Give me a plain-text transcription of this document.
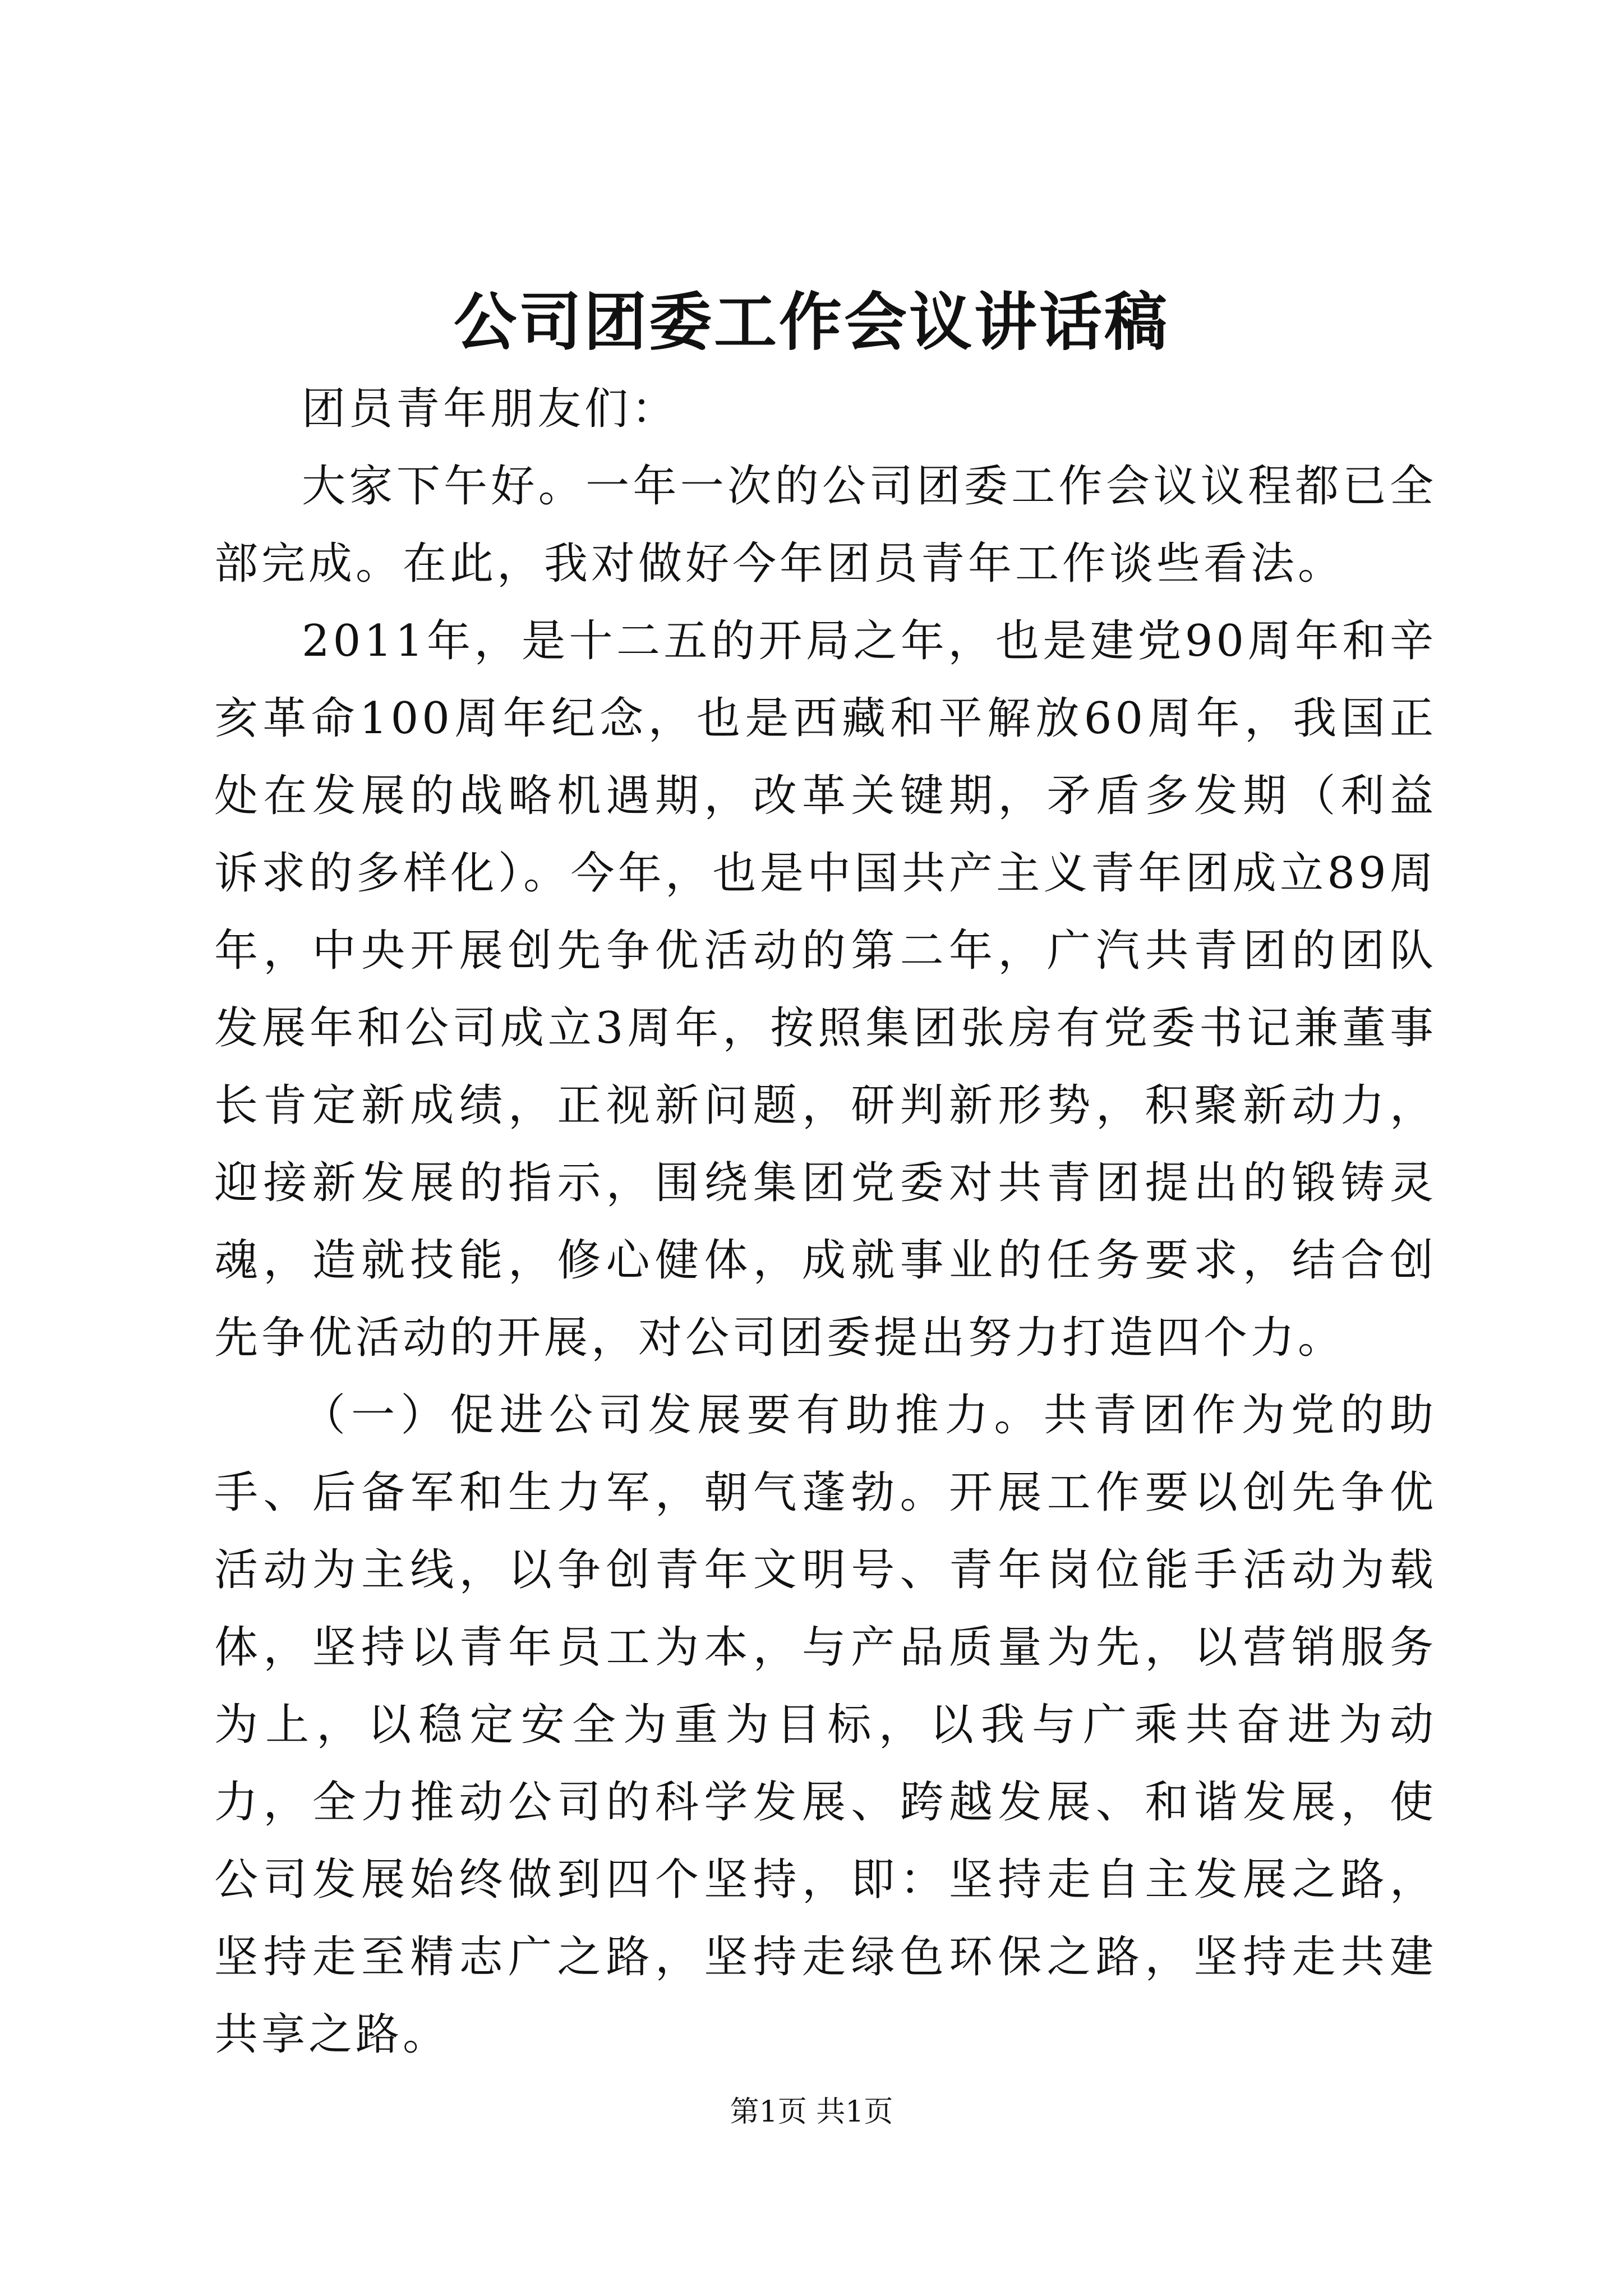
公司团委工作会议讲话稿

团员青年朋友们：

大家下午好。一年一次的公司团委工作会议议程都已全部完成。在此，我对做好今年团员青年工作谈些看法。

2011年，是十二五的开局之年，也是建党90周年和辛亥革命100周年纪念，也是西藏和平解放60周年，我国正处在发展的战略机遇期，改革关键期，矛盾多发期（利益诉求的多样化）。今年，也是中国共产主义青年团成立89周年，中央开展创先争优活动的第二年，广汽共青团的团队发展年和公司成立3周年，按照集团张房有党委书记兼董事长肯定新成绩，正视新问题，研判新形势，积聚新动力，迎接新发展的指示，围绕集团党委对共青团提出的锻铸灵魂，造就技能，修心健体，成就事业的任务要求，结合创先争优活动的开展，对公司团委提出努力打造四个力。

（一）促进公司发展要有助推力。共青团作为党的助手、后备军和生力军，朝气蓬勃。开展工作要以创先争优活动为主线，以争创青年文明号、青年岗位能手活动为载体，坚持以青年员工为本，与产品质量为先，以营销服务为上，以稳定安全为重为目标，以我与广乘共奋进为动力，全力推动公司的科学发展、跨越发展、和谐发展，使公司发展始终做到四个坚持，即：坚持走自主发展之路，坚持走至精志广之路，坚持走绿色环保之路，坚持走共建共享之路。

第1页 共1页
